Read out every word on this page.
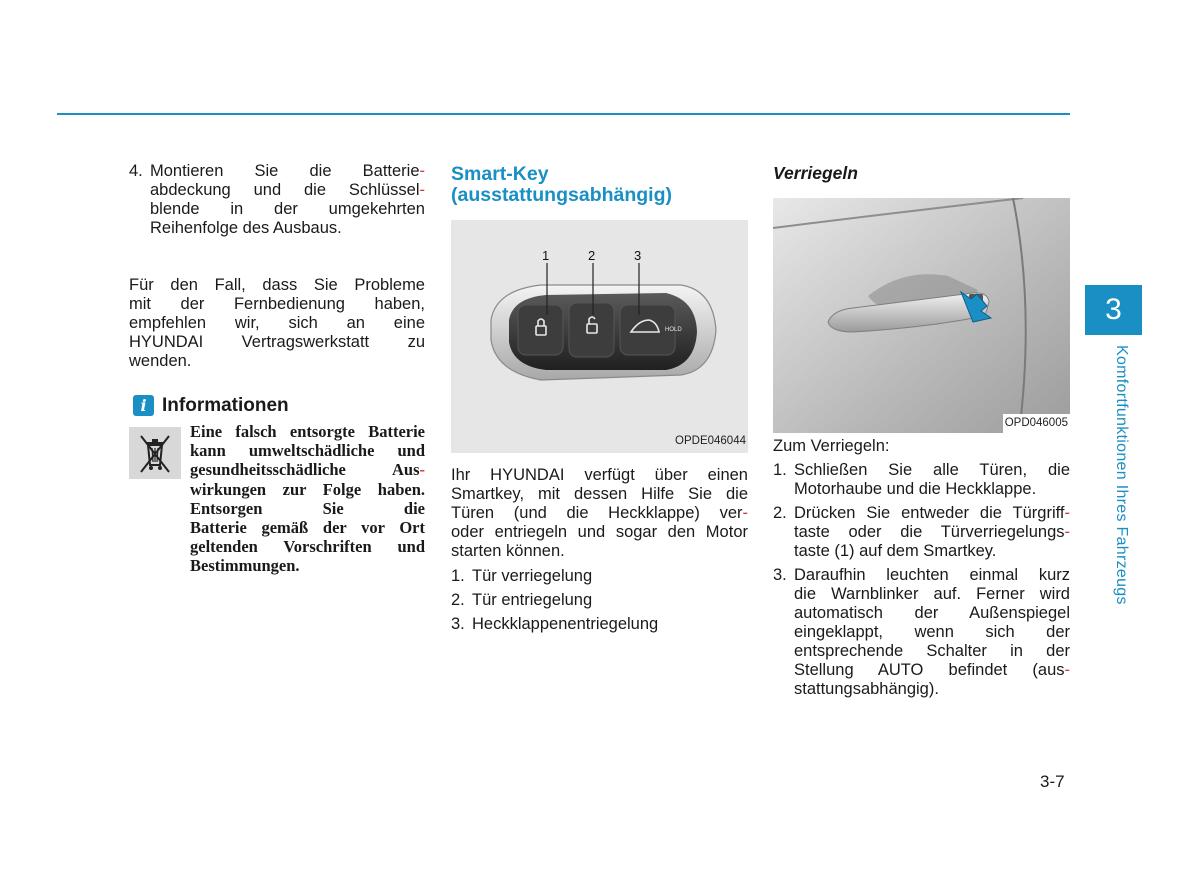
4. Montieren Sie die Batterie-
abdeckung und die Schlüssel-
blende in der umgekehrten
Reihenfolge des Ausbaus.
Für den Fall, dass Sie Probleme
mit der Fernbedienung haben,
empfehlen wir, sich an eine
HYUNDAI Vertragswerkstatt zu
wenden.
i Informationen
Eine falsch entsorgte Batterie
kann umweltschädliche und
gesundheitsschädliche Aus-
wirkungen zur Folge haben.
Entsorgen Sie die
Batterie gemäß der vor Ort
geltenden Vorschriften und
Bestimmungen.
Smart-Key
(ausstattungsabhängig)
HOLD
1	2	3
OPDE046044
Ihr HYUNDAI verfügt über einen
Smartkey, mit dessen Hilfe Sie die
Türen (und die Heckklappe) ver-
oder entriegeln und sogar den Motor
starten können.
1. Tür verriegelung
2. Tür entriegelung
3. Heckklappenentriegelung
Verriegeln
OPD046005
Zum Verriegeln:
1. Schließen Sie alle Türen, die
Motorhaube und die Heckklappe.
2. Drücken Sie entweder die Türgriff-
taste oder die Türverriegelungs-
taste (1) auf dem Smartkey.
3. Daraufhin leuchten einmal kurz
die Warnblinker auf. Ferner wird
automatisch der Außenspiegel
eingeklappt, wenn sich der
entsprechende Schalter in der
Stellung AUTO befindet (aus-
stattungsabhängig).
3
Komfortfunktionen Ihres Fahrzeugs
3-7
